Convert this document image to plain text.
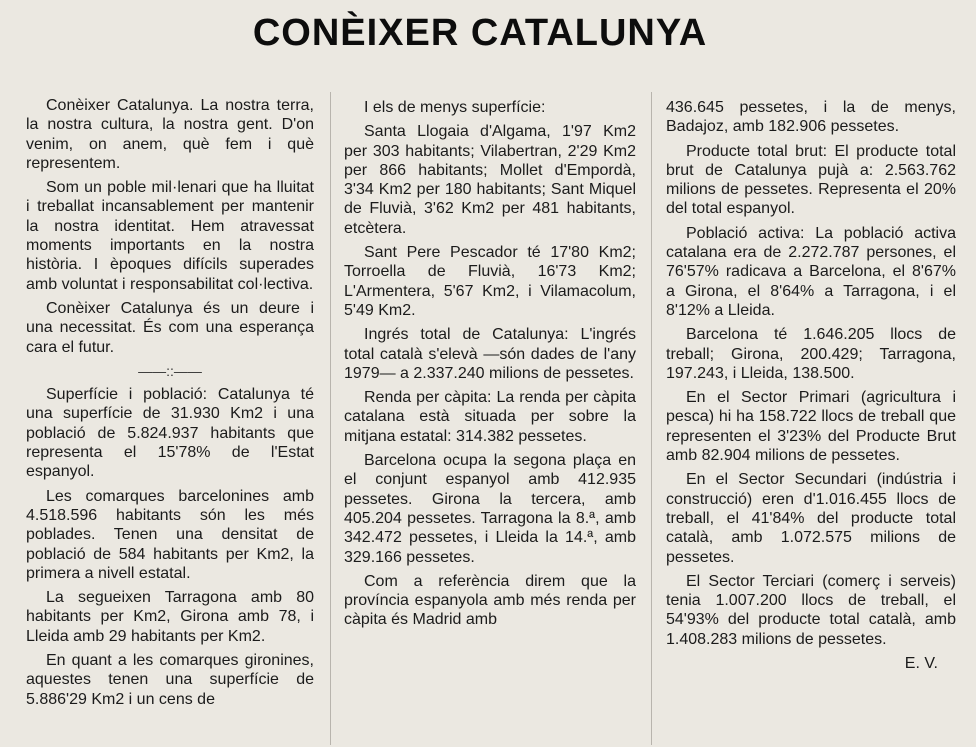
CONÈIXER CATALUNYA

Conèixer Catalunya. La nostra terra, la nostra cultura, la nostra gent. D'on venim, on anem, què fem i què representem.

Som un poble mil·lenari que ha lluitat i treballat incansablement per mantenir la nostra identitat. Hem atravessat moments importants en la nostra història. I èpoques difícils superades amb voluntat i responsabilitat col·lectiva.

Conèixer Catalunya és un deure i una necessitat. És com una esperança cara el futur.

——::——

Superfície i població: Catalunya té una superfície de 31.930 Km2 i una població de 5.824.937 habitants que representa el 15'78% de l'Estat espanyol.

Les comarques barcelonines amb 4.518.596 habitants són les més poblades. Tenen una densitat de població de 584 habitants per Km2, la primera a nivell estatal.

La segueixen Tarragona amb 80 habitants per Km2, Girona amb 78, i Lleida amb 29 habitants per Km2.

En quant a les comarques gironines, aquestes tenen una superfície de 5.886'29 Km2 i un cens de

I els de menys superfície:

Santa Llogaia d'Algama, 1'97 Km2 per 303 habitants; Vilabertran, 2'29 Km2 per 866 habitants; Mollet d'Empordà, 3'34 Km2 per 180 habitants; Sant Miquel de Fluvià, 3'62 Km2 per 481 habitants, etcètera.

Sant Pere Pescador té 17'80 Km2; Torroella de Fluvià, 16'73 Km2; L'Armentera, 5'67 Km2, i Vilamacolum, 5'49 Km2.

Ingrés total de Catalunya: L'ingrés total català s'elevà —són dades de l'any 1979— a 2.337.240 milions de pessetes.

Renda per càpita: La renda per càpita catalana està situada per sobre la mitjana estatal: 314.382 pessetes.

Barcelona ocupa la segona plaça en el conjunt espanyol amb 412.935 pessetes. Girona la tercera, amb 405.204 pessetes. Tarragona la 8.ª, amb 342.472 pessetes, i Lleida la 14.ª, amb 329.166 pessetes.

Com a referència direm que la província espanyola amb més renda per càpita és Madrid amb

436.645 pessetes, i la de menys, Badajoz, amb 182.906 pessetes.

Producte total brut: El producte total brut de Catalunya pujà a: 2.563.762 milions de pessetes. Representa el 20% del total espanyol.

Població activa: La població activa catalana era de 2.272.787 persones, el 76'57% radicava a Barcelona, el 8'67% a Girona, el 8'64% a Tarragona, i el 8'12% a Lleida.

Barcelona té 1.646.205 llocs de treball; Girona, 200.429; Tarragona, 197.243, i Lleida, 138.500.

En el Sector Primari (agricultura i pesca) hi ha 158.722 llocs de treball que representen el 3'23% del Producte Brut amb 82.904 milions de pessetes.

En el Sector Secundari (indústria i construcció) eren d'1.016.455 llocs de treball, el 41'84% del producte total català, amb 1.072.575 milions de pessetes.

El Sector Terciari (comerç i serveis) tenia 1.007.200 llocs de treball, el 54'93% del producte total català, amb 1.408.283 milions de pessetes.

E. V.
